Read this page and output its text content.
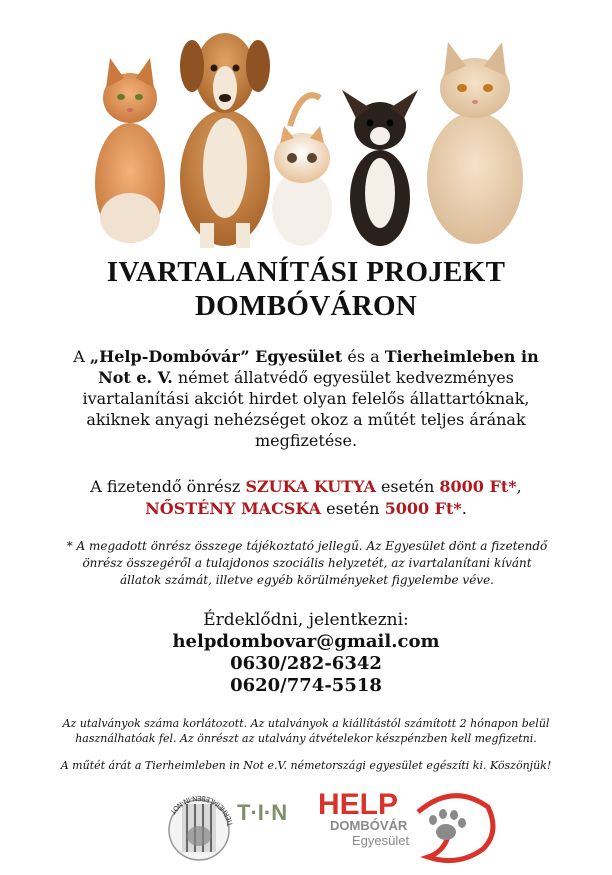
IVARTALANÍTÁSI PROJEKT
DOMBÓVÁRON
A „Help-Dombóvár” Egyesület és a Tierheimleben in Not e. V. német állatvédő egyesület kedvezményes ivartalanítási akciót hirdet olyan felelős állattartóknak, akiknek anyagi nehézséget okoz a műtét teljes árának megfizetése.
A fizetendő önrész SZUKA KUTYA esetén 8000 Ft*,
NŐSTÉNY MACSKA esetén 5000 Ft*.
* A megadott önrész összege tájékoztató jellegű. Az Egyesület dönt a fizetendő önrész összegéről a tulajdonos szociális helyzetét, az ivartalanítani kívánt állatok számát, illetve egyéb körülményeket figyelembe véve.
Érdeklődni, jelentkezni:
helpdombovar@gmail.com
0630/282-6342
0620/774-5518
Az utalványok száma korlátozott. Az utalványok a kiállítástól számított 2 hónapon belül használhatóak fel. Az önrészt az utalvány átvételekor készpénzben kell megfizetni.
A műtét árát a Tierheimleben in Not e.V. németországi egyesület egészíti ki. Köszönjük!
TIERHEIMLEBEN-IN-NOT	T·I·N HELP
DOMBÓVÁR
Egyesület
